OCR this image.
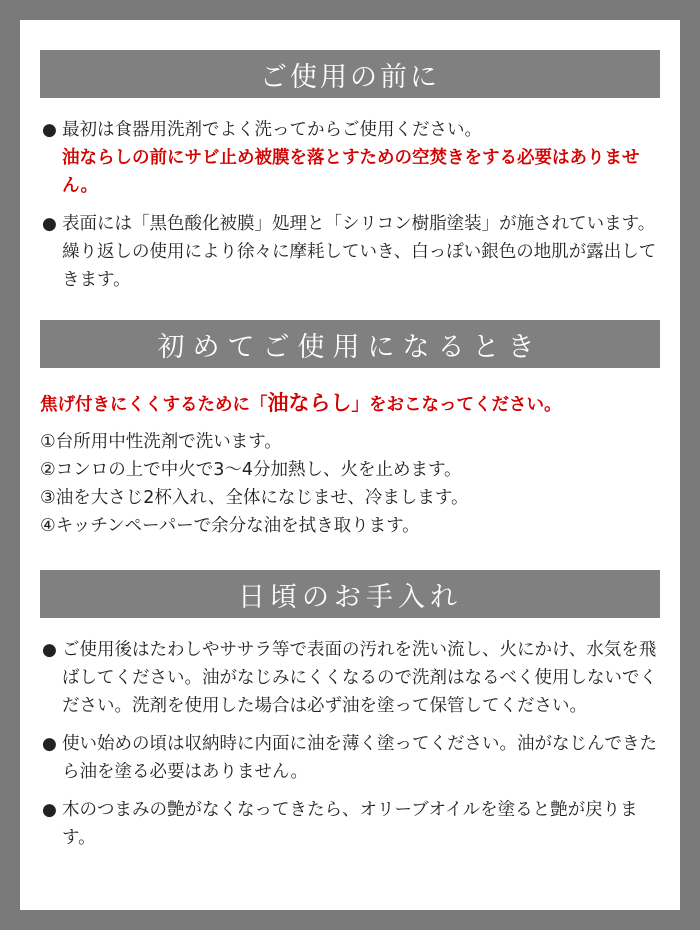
ご使用の前に
● 最初は食器用洗剤でよく洗ってからご使用ください。
油ならしの前にサビ止め被膜を落とすための空焚きをする必要はありません。
● 表面には「黒色酸化被膜」処理と「シリコン樹脂塗装」が施されています。繰り返しの使用により徐々に摩耗していき、白っぽい銀色の地肌が露出してきます。
初めてご使用になるとき
焦げ付きにくくするために「油ならし」をおこなってください。
①台所用中性洗剤で洗います。
②コンロの上で中火で3〜4分加熱し、火を止めます。
③油を大さじ2杯入れ、全体になじませ、冷まします。
④キッチンペーパーで余分な油を拭き取ります。
日頃のお手入れ
● ご使用後はたわしやササラ等で表面の汚れを洗い流し、火にかけ、水気を飛ばしてください。油がなじみにくくなるので洗剤はなるべく使用しないでください。洗剤を使用した場合は必ず油を塗って保管してください。
● 使い始めの頃は収納時に内面に油を薄く塗ってください。油がなじんできたら油を塗る必要はありません。
● 木のつまみの艶がなくなってきたら、オリーブオイルを塗ると艶が戻ります。
